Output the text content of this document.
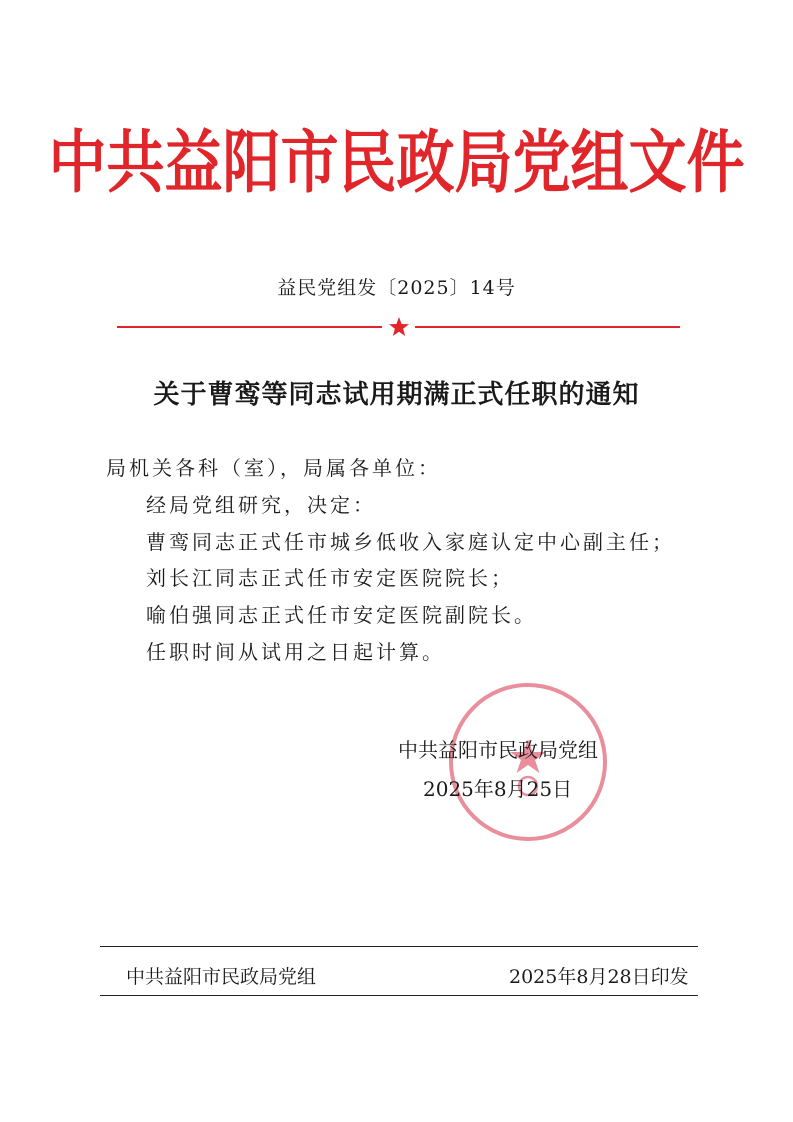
中共益阳市民政局党组文件
益民党组发〔2025〕14号
关于曹鸾等同志试用期满正式任职的通知
局机关各科（室），局属各单位：
经局党组研究，决定：
曹鸾同志正式任市城乡低收入家庭认定中心副主任；
刘长江同志正式任市安定医院院长；
喻伯强同志正式任市安定医院副院长。
任职时间从试用之日起计算。
中共益阳市民政局党组
2025年8月25日
中共益阳市民政局党组	2025年8月28日印发
